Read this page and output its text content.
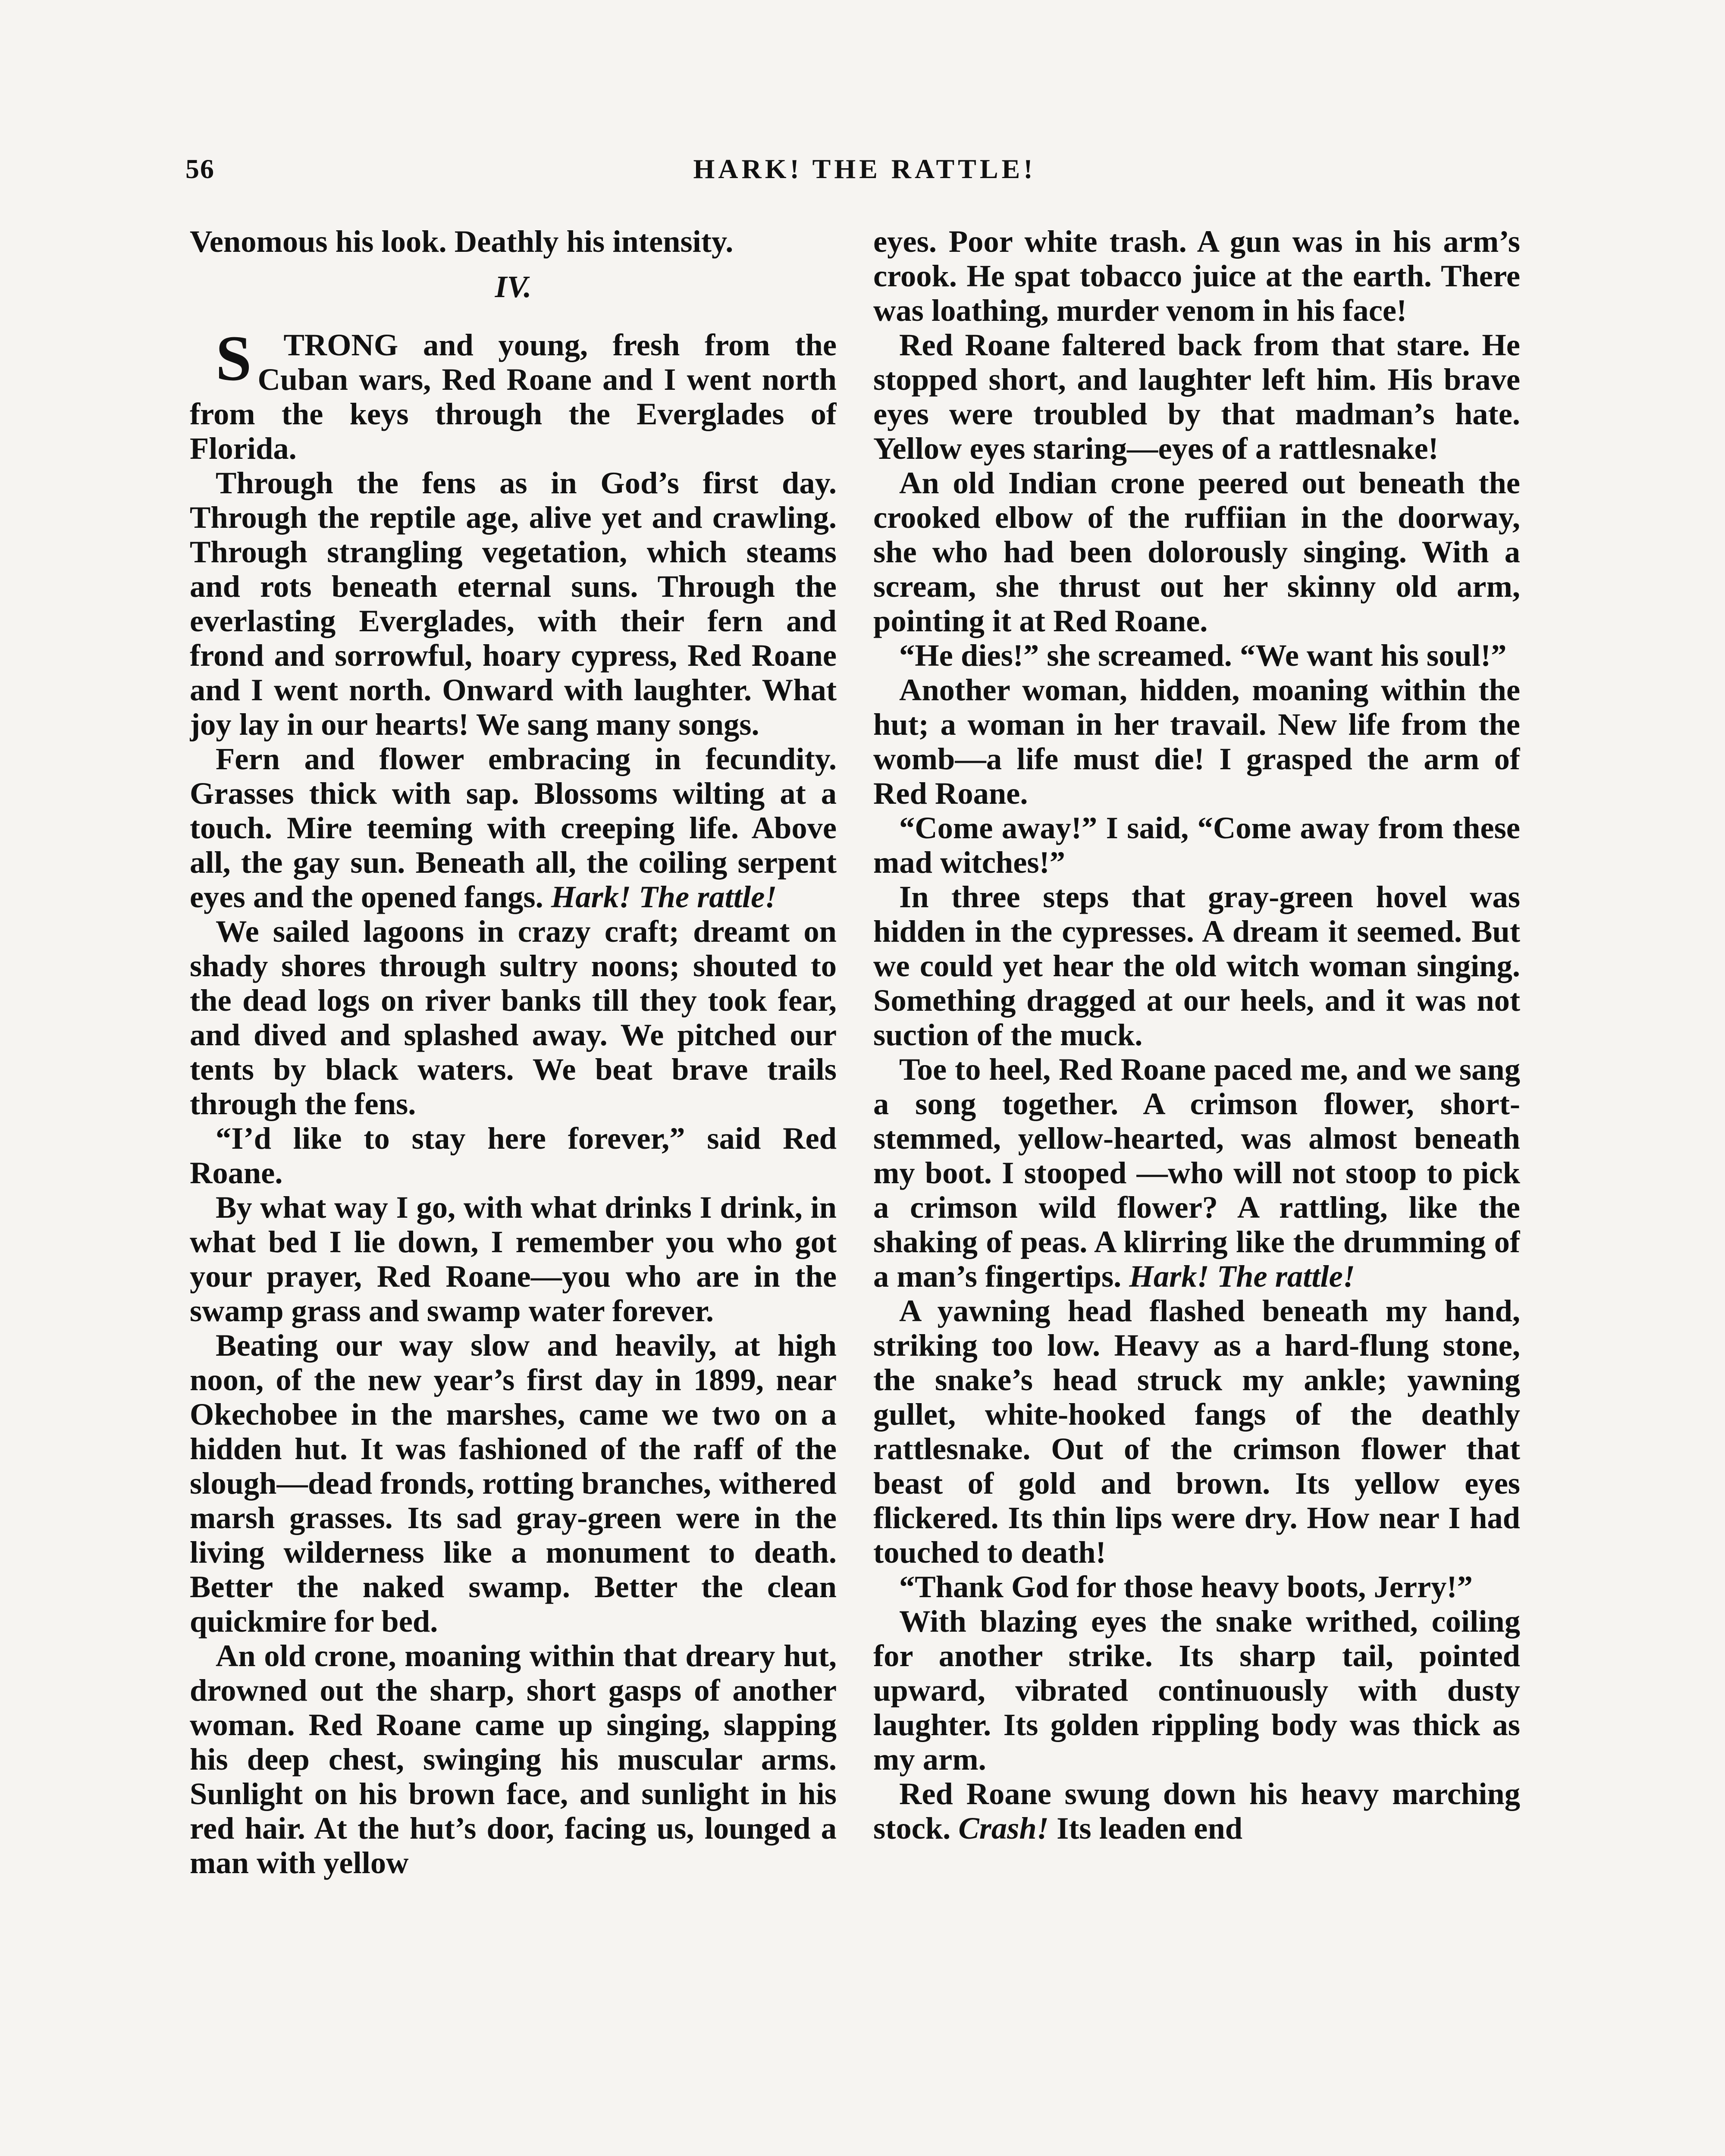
56	HARK! THE RATTLE!

Venomous his look. Deathly his intensity.

IV.

S TRONG and young, fresh from the Cuban wars, Red Roane and I went north from the keys through the Everglades of Florida.

Through the fens as in God’s first day. Through the reptile age, alive yet and crawling. Through strangling vegetation, which steams and rots beneath eternal suns. Through the everlasting Everglades, with their fern and frond and sorrowful, hoary cypress, Red Roane and I went north. Onward with laughter. What joy lay in our hearts! We sang many songs.

Fern and flower embracing in fecundity. Grasses thick with sap. Blossoms wilting at a touch. Mire teeming with creeping life. Above all, the gay sun. Beneath all, the coiling serpent eyes and the opened fangs. Hark! The rattle!

We sailed lagoons in crazy craft; dreamt on shady shores through sultry noons; shouted to the dead logs on river banks till they took fear, and dived and splashed away. We pitched our tents by black waters. We beat brave trails through the fens.

“I’d like to stay here forever,” said Red Roane.

By what way I go, with what drinks I drink, in what bed I lie down, I remember you who got your prayer, Red Roane—you who are in the swamp grass and swamp water forever.

Beating our way slow and heavily, at high noon, of the new year’s first day in 1899, near Okechobee in the marshes, came we two on a hidden hut. It was fashioned of the raff of the slough—dead fronds, rotting branches, withered marsh grasses. Its sad gray-green were in the living wilderness like a monument to death. Better the naked swamp. Better the clean quickmire for bed.

An old crone, moaning within that dreary hut, drowned out the sharp, short gasps of another woman. Red Roane came up singing, slapping his deep chest, swinging his muscular arms. Sunlight on his brown face, and sunlight in his red hair. At the hut’s door, facing us, lounged a man with yellow

eyes. Poor white trash. A gun was in his arm’s crook. He spat tobacco juice at the earth. There was loathing, murder venom in his face!

Red Roane faltered back from that stare. He stopped short, and laughter left him. His brave eyes were troubled by that madman’s hate. Yellow eyes staring—eyes of a rattlesnake!

An old Indian crone peered out beneath the crooked elbow of the ruffiian in the doorway, she who had been dolorously singing. With a scream, she thrust out her skinny old arm, pointing it at Red Roane.

“He dies!” she screamed. “We want his soul!”

Another woman, hidden, moaning within the hut; a woman in her travail. New life from the womb—a life must die! I grasped the arm of Red Roane.

“Come away!” I said, “Come away from these mad witches!”

In three steps that gray-green hovel was hidden in the cypresses. A dream it seemed. But we could yet hear the old witch woman singing. Something dragged at our heels, and it was not suction of the muck.

Toe to heel, Red Roane paced me, and we sang a song together. A crimson flower, short-stemmed, yellow-hearted, was almost beneath my boot. I stooped —who will not stoop to pick a crimson wild flower? A rattling, like the shaking of peas. A klirring like the drumming of a man’s fingertips. Hark! The rattle!

A yawning head flashed beneath my hand, striking too low. Heavy as a hard-flung stone, the snake’s head struck my ankle; yawning gullet, white-hooked fangs of the deathly rattlesnake. Out of the crimson flower that beast of gold and brown. Its yellow eyes flickered. Its thin lips were dry. How near I had touched to death!

“Thank God for those heavy boots, Jerry!”

With blazing eyes the snake writhed, coiling for another strike. Its sharp tail, pointed upward, vibrated continuously with dusty laughter. Its golden rippling body was thick as my arm.

Red Roane swung down his heavy marching stock. Crash! Its leaden end
